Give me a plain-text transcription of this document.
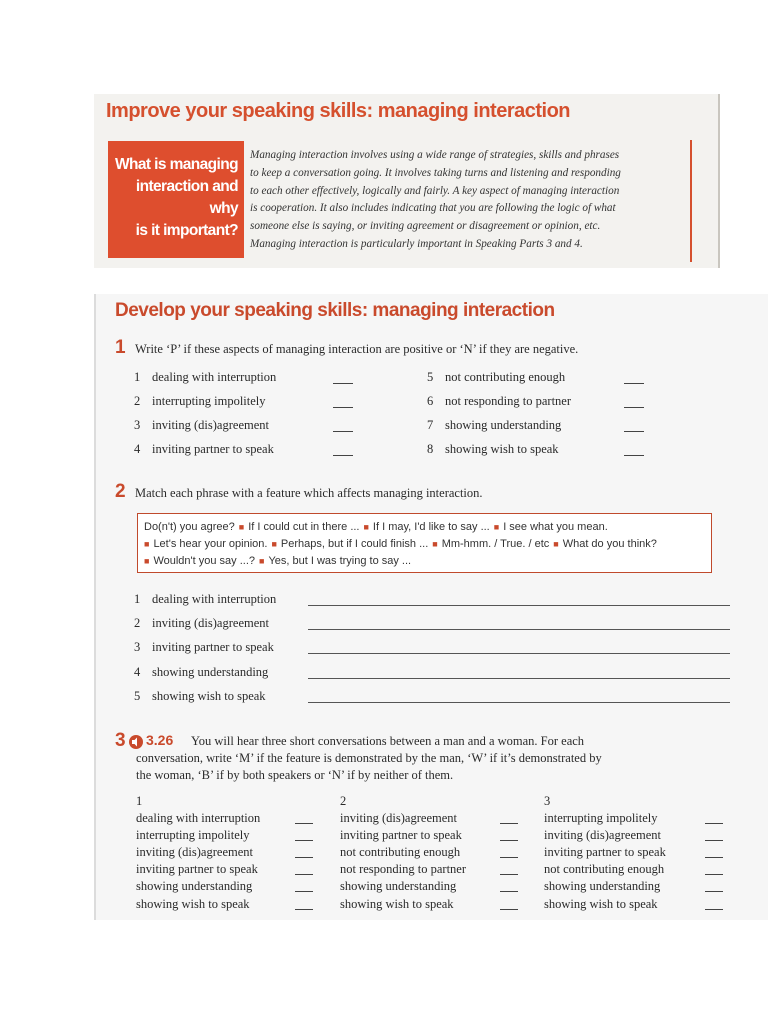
Improve your speaking skills: managing interaction
What is managing
interaction and why
is it important?
Managing interaction involves using a wide range of strategies, skills and phrases
to keep a conversation going. It involves taking turns and listening and responding
to each other effectively, logically and fairly. A key aspect of managing interaction
is cooperation. It also includes indicating that you are following the logic of what
someone else is saying, or inviting agreement or disagreement or opinion, etc.
Managing interaction is particularly important in Speaking Parts 3 and 4.
Develop your speaking skills: managing interaction
1 Write ‘P’ if these aspects of managing interaction are positive or ‘N’ if they are negative.
1 dealing with interruption
2 interrupting impolitely
3 inviting (dis)agreement
4 inviting partner to speak
5 not contributing enough
6 not responding to partner
7 showing understanding
8 showing wish to speak
2 Match each phrase with a feature which affects managing interaction.
Do(n't) you agree? ■ If I could cut in there ... ■ If I may, I'd like to say ... ■ I see what you mean.
■ Let's hear your opinion. ■ Perhaps, but if I could finish ... ■ Mm-hmm. / True. / etc ■ What do you think?
■ Wouldn't you say ...? ■ Yes, but I was trying to say ...
1 dealing with interruption
2 inviting (dis)agreement
3 inviting partner to speak
4 showing understanding
5 showing wish to speak
3 3.26 You will hear three short conversations between a man and a woman. For each
conversation, write ‘M’ if the feature is demonstrated by the man, ‘W’ if it’s demonstrated by
the woman, ‘B’ if by both speakers or ‘N’ if by neither of them.
1
dealing with interruption
interrupting impolitely
inviting (dis)agreement
inviting partner to speak
showing understanding
showing wish to speak
2
inviting (dis)agreement
inviting partner to speak
not contributing enough
not responding to partner
showing understanding
showing wish to speak
3
interrupting impolitely
inviting (dis)agreement
inviting partner to speak
not contributing enough
showing understanding
showing wish to speak
